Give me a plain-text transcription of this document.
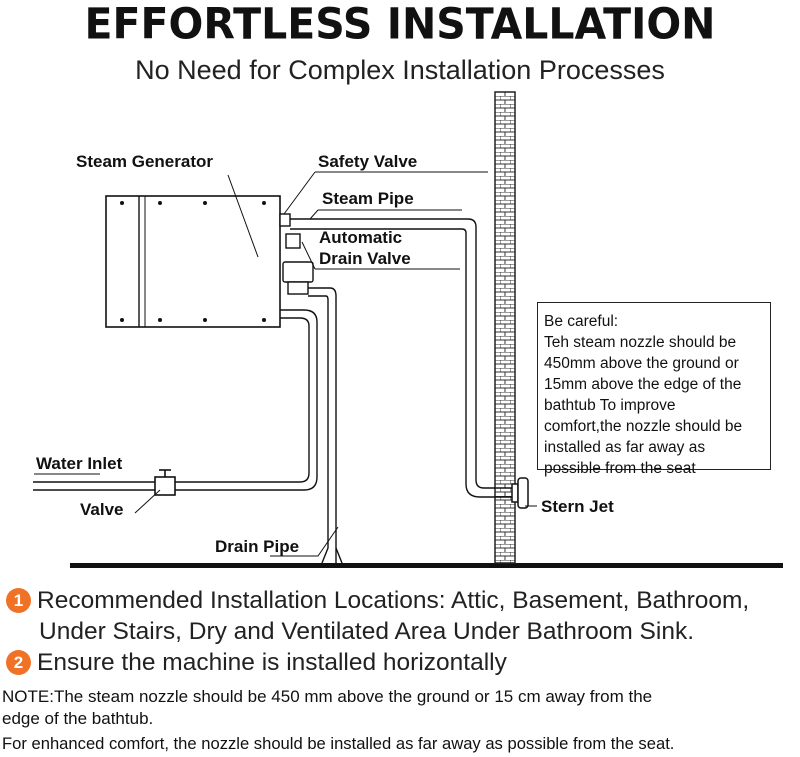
EFFORTLESS INSTALLATION
No Need for Complex Installation Processes
Steam Generator	Safety Valve
Steam Pipe
Automatic
Drain Valve
Water Inlet
Valve
Drain Pipe
Stern Jet
Be careful:
Teh steam nozzle should be
450mm above the ground or
15mm above the edge of the
bathtub To improve
comfort,the nozzle should be
installed as far away as
possible from the seat
1 Recommended Installation Locations: Attic, Basement, Bathroom,
Under Stairs, Dry and Ventilated Area Under Bathroom Sink.
2 Ensure the machine is installed horizontally
NOTE:The steam nozzle should be 450 mm above the ground or 15 cm away from the
edge of the bathtub.
For enhanced comfort, the nozzle should be installed as far away as possible from the seat.
